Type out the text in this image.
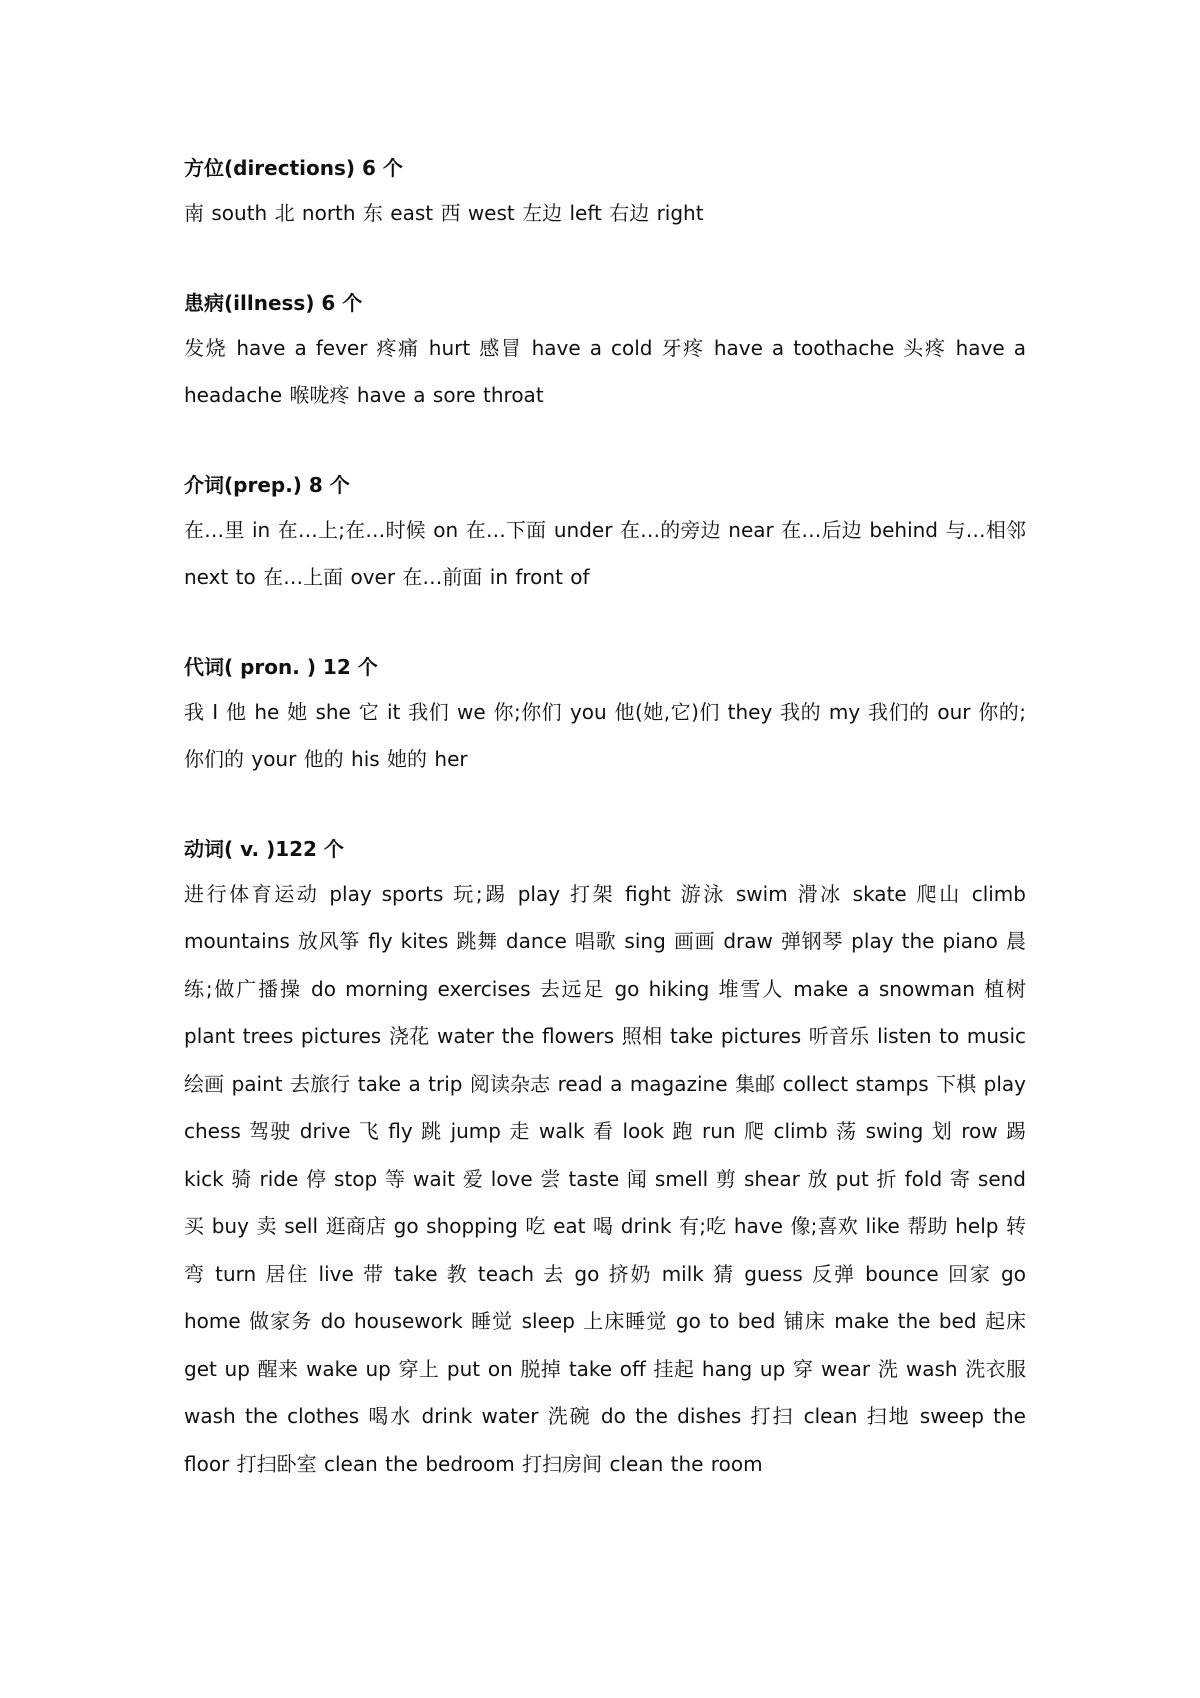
方位(directions) 6 个
南 south 北 north 东 east 西 west 左边 left 右边 right
患病(illness) 6 个
发烧 have a fever 疼痛 hurt 感冒 have a cold 牙疼 have a toothache 头疼 have a headache 喉咙疼 have a sore throat
介词(prep.) 8 个
在…里 in 在…上;在…时候 on 在…下面 under 在…的旁边 near 在…后边 behind 与…相邻 next to 在…上面 over 在…前面 in front of
代词( pron. ) 12 个
我 I 他 he 她 she 它 it 我们 we 你;你们 you 他(她,它)们 they 我的 my 我们的 our 你的;你们的 your 他的 his 她的 her
动词( v. )122 个
进行体育运动 play sports 玩;踢 play 打架 fight 游泳 swim 滑冰 skate 爬山 climb mountains 放风筝 fly kites 跳舞 dance 唱歌 sing 画画 draw 弹钢琴 play the piano 晨练;做广播操 do morning exercises 去远足 go hiking 堆雪人 make a snowman 植树 plant trees pictures 浇花 water the flowers 照相 take pictures 听音乐 listen to music 绘画 paint 去旅行 take a trip 阅读杂志 read a magazine 集邮 collect stamps 下棋 play chess 驾驶 drive 飞 fly 跳 jump 走 walk 看 look 跑 run 爬 climb 荡 swing 划 row 踢 kick 骑 ride 停 stop 等 wait 爱 love 尝 taste 闻 smell 剪 shear 放 put 折 fold 寄 send 买 buy 卖 sell 逛商店 go shopping 吃 eat 喝 drink 有;吃 have 像;喜欢 like 帮助 help 转弯 turn 居住 live 带 take 教 teach 去 go 挤奶 milk 猜 guess 反弹 bounce 回家 go home 做家务 do housework 睡觉 sleep 上床睡觉 go to bed 铺床 make the bed 起床 get up 醒来 wake up 穿上 put on 脱掉 take off 挂起 hang up 穿 wear 洗 wash 洗衣服 wash the clothes 喝水 drink water 洗碗 do the dishes 打扫 clean 扫地 sweep the floor 打扫卧室 clean the bedroom 打扫房间 clean the room
